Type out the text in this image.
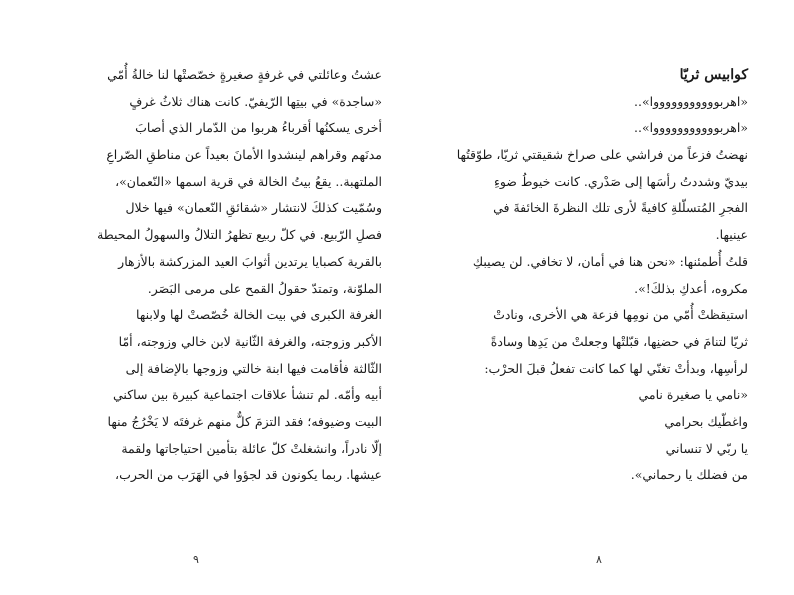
كوابيس ثريّا
«اهربوووووووووووا»..
«اهربوووووووووووا»..
نهضتُ فزعاً من فراشي على صراخ شقيقتي ثريّا، طوّقتُها
بيديّ وشددتُ رأسَها إلى صَدْري. كانت خيوطُ ضوءِ
الفجرِ المُتسلّلةِ كافيةً لأرى تلك النظرةَ الخائفةَ في
عينيها.
قلتُ أُطمئنها: «نحن هنا في أمان، لا تخافي. لن يصيبكِ
مكروه، أعدكِ بذلكَ!».
استيقظتْ أُمّي من نومِها فزعة هي الأخرى، ونادتْ
ثريّا لتنامَ في حضنِها، قبّلتْها وجعلتْ من يَدِها وسادةً
لرأسِها، وبدأتْ تغنّي لها كما كانت تفعلُ قبلَ الحرْب:
«نامي يا صغيرة نامي
واغطّيك بحرامي
يا ربّي لا تنساني
من فضلك يا رحماني».
عشتُ وعائلتي في غرفةٍ صغيرةٍ خصّصتْها لنا خالةُ أُمّي
«ساجدة» في بيتِها الرّيفيّ. كانت هناك ثلاثُ غرفٍ
أخرى يسكنُها أقرباءُ هربوا من الدّمار الذي أصابَ
مدنَهم وقراهم لينشدوا الأمانَ بعيداً عن مناطقِ الصّراعِ
الملتهبة.. يقعُ بيتُ الخالة في قرية اسمها «النّعمان»،
وسُمّيت كذلكَ لانتشار «شقائقِ النّعمان» فيها خلال
فصلِ الرّبيع. في كلّ ربيع تظهرُ التلالُ والسهولُ المحيطة
بالقرية كصبايا يرتدين أثوابَ العيد المزركشة بالأزهار
الملوّنة، وتمتدّ حقولُ القمح على مرمى البَصَر.
الغرفة الكبرى في بيت الخالة خُصّصتْ لها ولابنها
الأكبر وزوجته، والغرفة الثّانية لابن خالي وزوجته، أمّا
الثّالثة فأقامت فيها ابنة خالتي وزوجها بالإضافة إلى
أبيه وأمّه. لم تنشأ علاقات اجتماعية كبيرة بين ساكني
البيت وضيوفه؛ فقد التزمَ كلٌّ منهم غرفتَه لا يَخْرُجُ منها
إلّا نادراً، وانشغلتْ كلّ عائلة بتأمين احتياجاتها ولقمة
عيشها. ربما يكونون قد لجؤوا في الهَرَب من الحرب،
٨
٩
